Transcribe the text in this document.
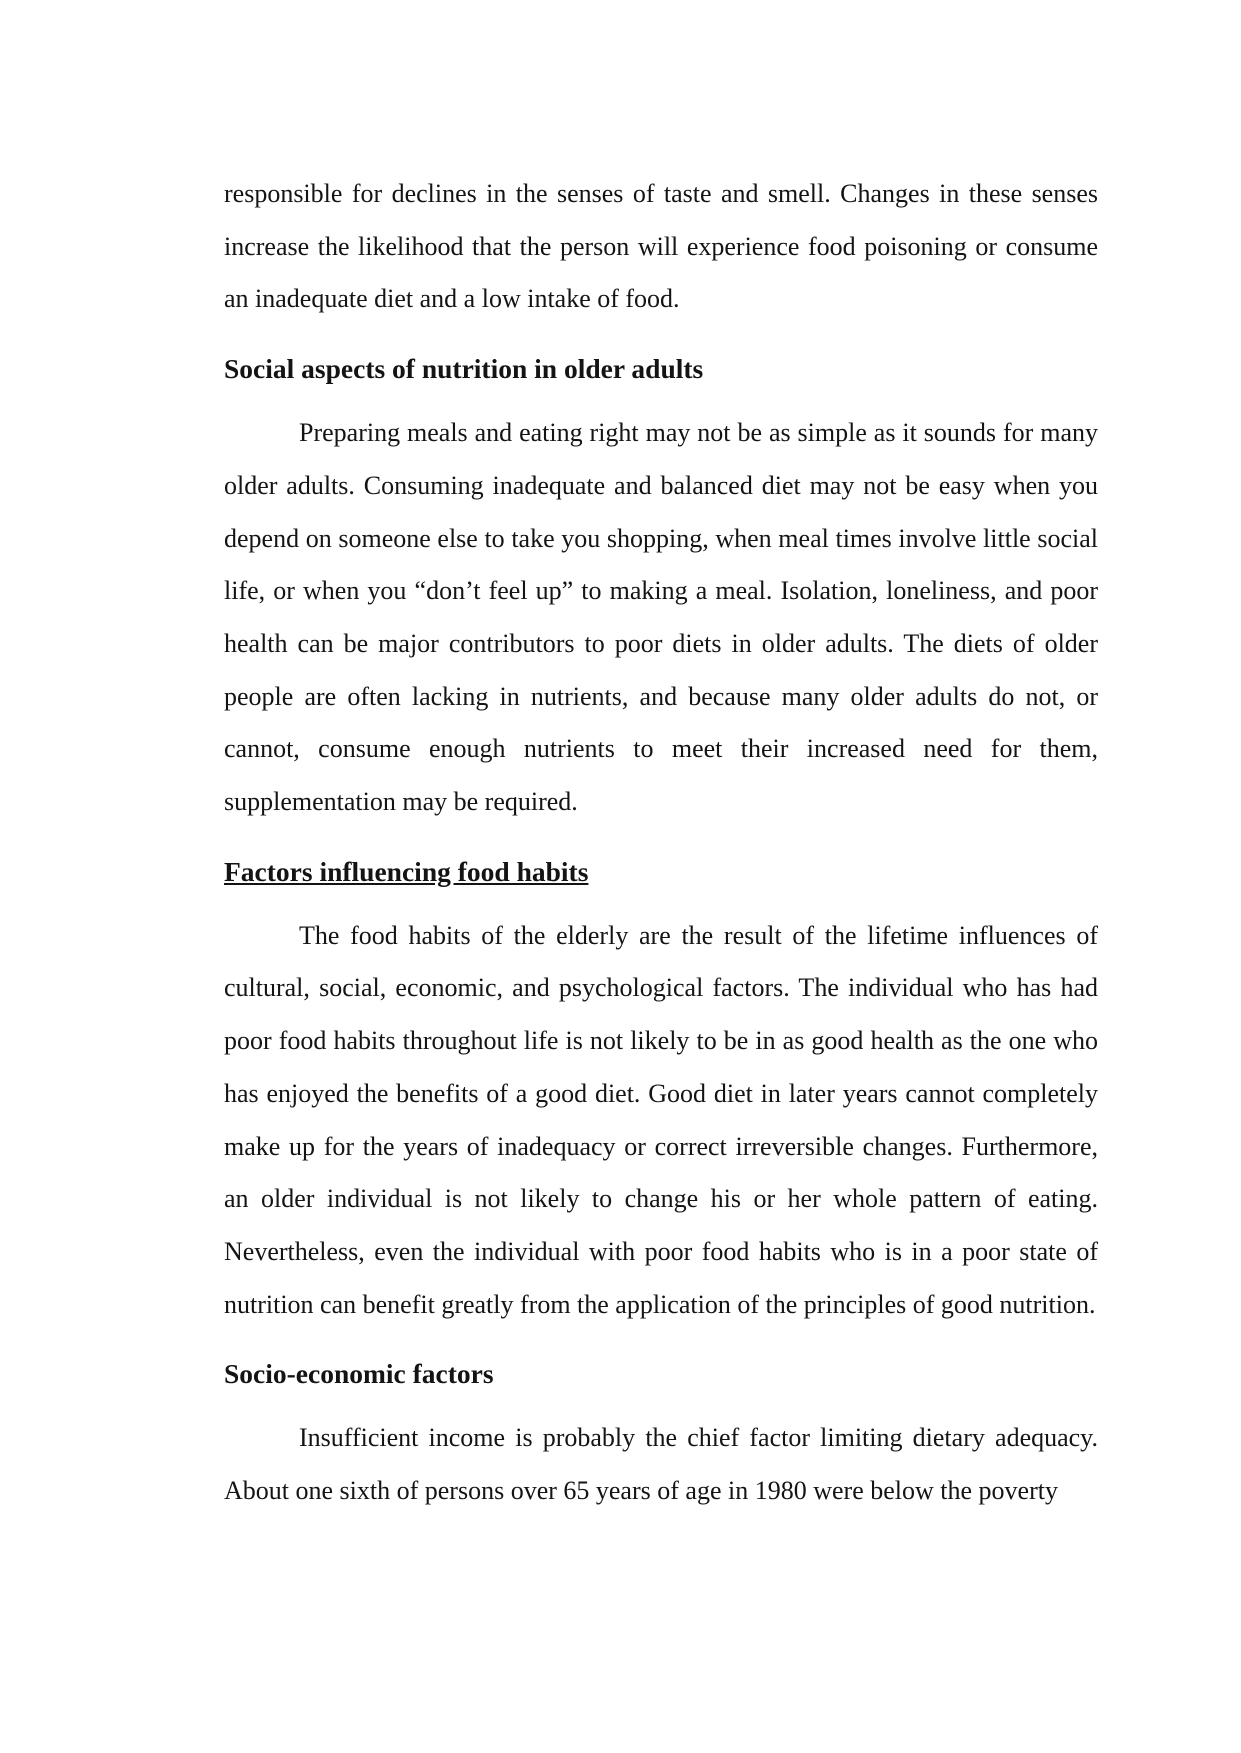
responsible for declines in the senses of taste and smell. Changes in these senses increase the likelihood that the person will experience food poisoning or consume an inadequate diet and a low intake of food.

Social aspects of nutrition in older adults

Preparing meals and eating right may not be as simple as it sounds for many older adults. Consuming inadequate and balanced diet may not be easy when you depend on someone else to take you shopping, when meal times involve little social life, or when you “don’t feel up” to making a meal. Isolation, loneliness, and poor health can be major contributors to poor diets in older adults. The diets of older people are often lacking in nutrients, and because many older adults do not, or cannot, consume enough nutrients to meet their increased need for them, supplementation may be required.

Factors influencing food habits

The food habits of the elderly are the result of the lifetime influences of cultural, social, economic, and psychological factors. The individual who has had poor food habits throughout life is not likely to be in as good health as the one who has enjoyed the benefits of a good diet. Good diet in later years cannot completely make up for the years of inadequacy or correct irreversible changes. Furthermore, an older individual is not likely to change his or her whole pattern of eating. Nevertheless, even the individual with poor food habits who is in a poor state of nutrition can benefit greatly from the application of the principles of good nutrition.

Socio-economic factors

Insufficient income is probably the chief factor limiting dietary adequacy. About one sixth of persons over 65 years of age in 1980 were below the poverty
